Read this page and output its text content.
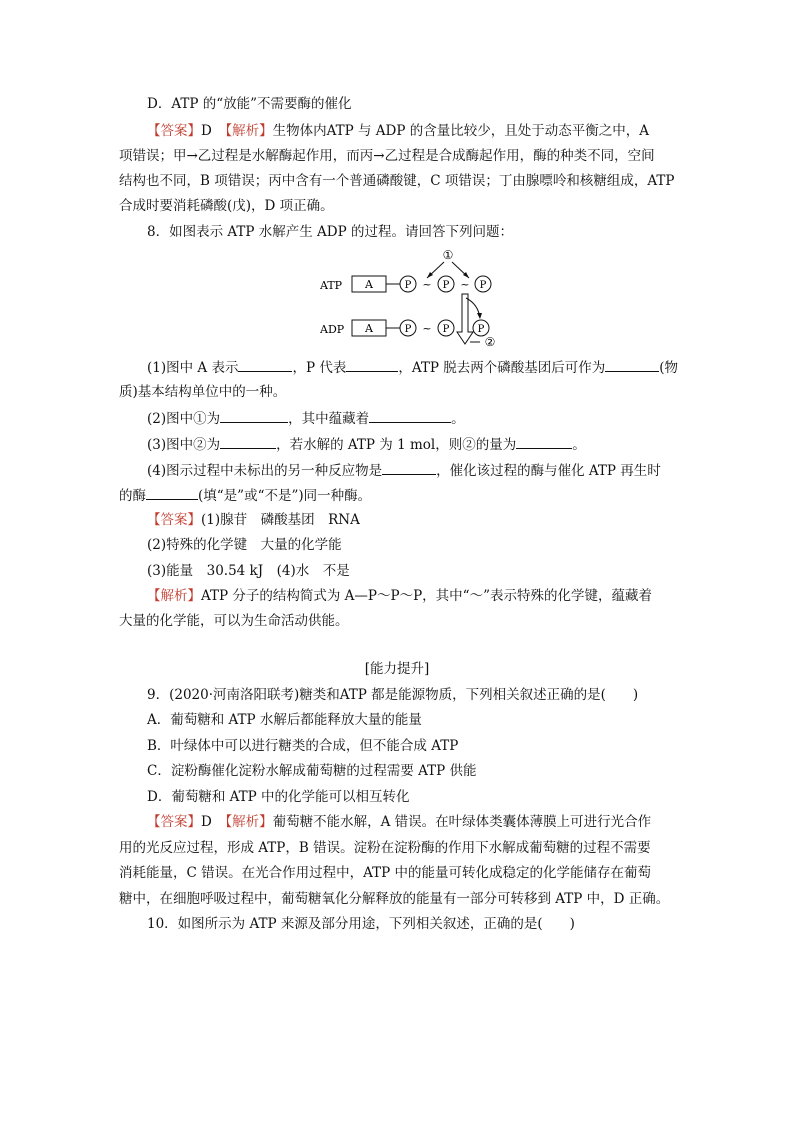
D．ATP 的“放能”不需要酶的催化
【答案】D　 【解析】生物体内ATP 与 ADP 的含量比较少，且处于动态平衡之中，A
项错误；甲→乙过程是水解酶起作用，而丙→乙过程是合成酶起作用，酶的种类不同，空间
结构也不同，B 项错误；丙中含有一个普通磷酸键，C 项错误；丁由腺嘌呤和核糖组成，ATP
合成时要消耗磷酸(戊)，D 项正确。
8．如图表示 ATP 水解产生 ADP 的过程。请回答下列问题：
①
ATP A	P ~ P ~ P
ADP A	P ~ P	P
②
(1)图中 A 表示	，P 代表	，ATP 脱去两个磷酸基团后可作为	(物
质)基本结构单位中的一种。
(2)图中①为	，其中蕴藏着	。
(3)图中②为	，若水解的 ATP 为 1 mol，则②的量为	。
(4)图示过程中未标出的另一种反应物是	，催化该过程的酶与催化 ATP 再生时
的酶	(填“是”或“不是”)同一种酶。
【答案】(1)腺苷　磷酸基团　RNA
(2)特殊的化学键　大量的化学能
(3)能量　30.54 kJ　(4)水　不是
【解析】ATP 分子的结构简式为 A—P～P～P，其中“～”表示特殊的化学键，蕴藏着
大量的化学能，可以为生命活动供能。
[能力提升]
9．(2020·河南洛阳联考)糖类和ATP 都是能源物质，下列相关叙述正确的是(　　)
A．葡萄糖和 ATP 水解后都能释放大量的能量
B．叶绿体中可以进行糖类的合成，但不能合成 ATP
C．淀粉酶催化淀粉水解成葡萄糖的过程需要 ATP 供能
D．葡萄糖和 ATP 中的化学能可以相互转化
【答案】D　 【解析】葡萄糖不能水解，A 错误。在叶绿体类囊体薄膜上可进行光合作
用的光反应过程，形成 ATP，B 错误。淀粉在淀粉酶的作用下水解成葡萄糖的过程不需要
消耗能量，C 错误。在光合作用过程中，ATP 中的能量可转化成稳定的化学能储存在葡萄
糖中，在细胞呼吸过程中，葡萄糖氧化分解释放的能量有一部分可转移到 ATP 中，D 正确。
10．如图所示为 ATP 来源及部分用途，下列相关叙述，正确的是(　　)
